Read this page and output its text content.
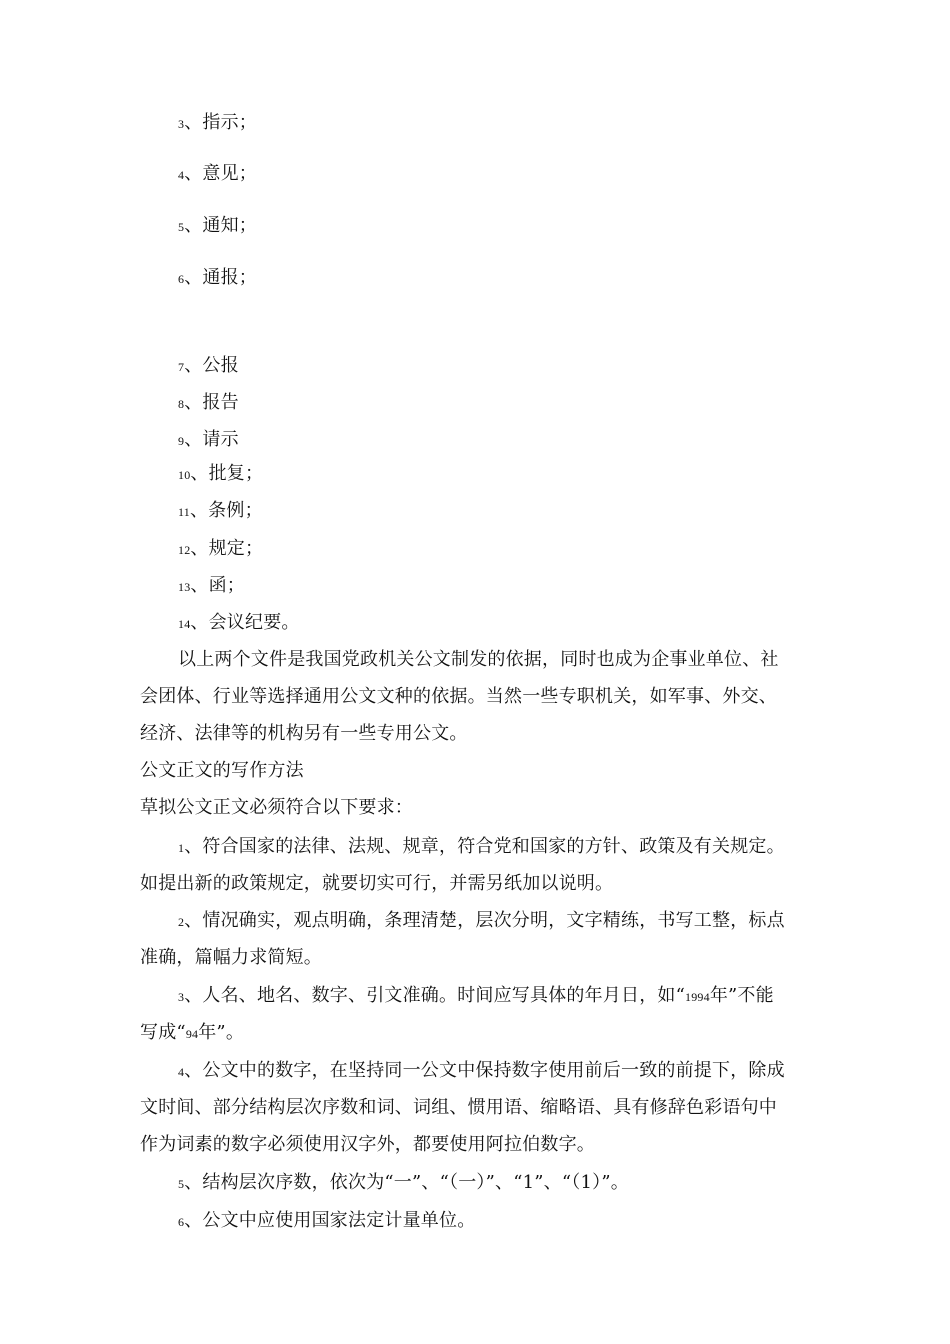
3、指示；
4、意见；
5、通知；
6、通报；
7、公报
8、报告
9、请示
10、批复；
11、条例；
12、规定；
13、函；
14、会议纪要。
以上两个文件是我国党政机关公文制发的依据，同时也成为企事业单位、社
会团体、行业等选择通用公文文种的依据。当然一些专职机关，如军事、外交、
经济、法律等的机构另有一些专用公文。
公文正文的写作方法
草拟公文正文必须符合以下要求：
1、符合国家的法律、法规、规章，符合党和国家的方针、政策及有关规定。
如提出新的政策规定，就要切实可行，并需另纸加以说明。
2、情况确实，观点明确，条理清楚，层次分明，文字精练，书写工整，标点
准确，篇幅力求简短。
3、人名、地名、数字、引文准确。时间应写具体的年月日，如“1994年”不能
写成“94年”。
4、公文中的数字，在坚持同一公文中保持数字使用前后一致的前提下，除成
文时间、部分结构层次序数和词、词组、惯用语、缩略语、具有修辞色彩语句中
作为词素的数字必须使用汉字外，都要使用阿拉伯数字。
5、结构层次序数，依次为“一”、“（一）”、“1”、“（1）”。
6、公文中应使用国家法定计量单位。
